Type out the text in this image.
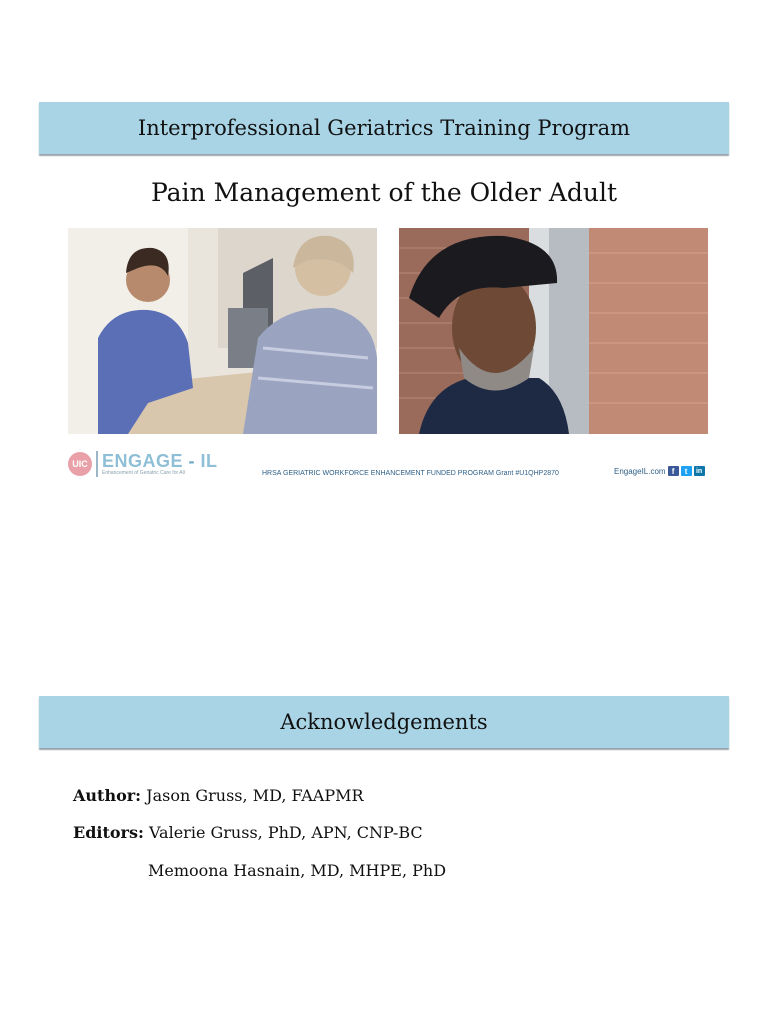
Interprofessional Geriatrics Training Program
Pain Management of the Older Adult
UIC ENGAGE - IL
Enhancement of Geriatric Care for All	HRSA GERIATRIC WORKFORCE ENHANCEMENT FUNDED PROGRAM Grant #U1QHP2870	EngageIL.com f	t	in
Acknowledgements
Author: Jason Gruss, MD, FAAPMR
Editors: Valerie Gruss, PhD, APN, CNP-BC
Memoona Hasnain, MD, MHPE, PhD
